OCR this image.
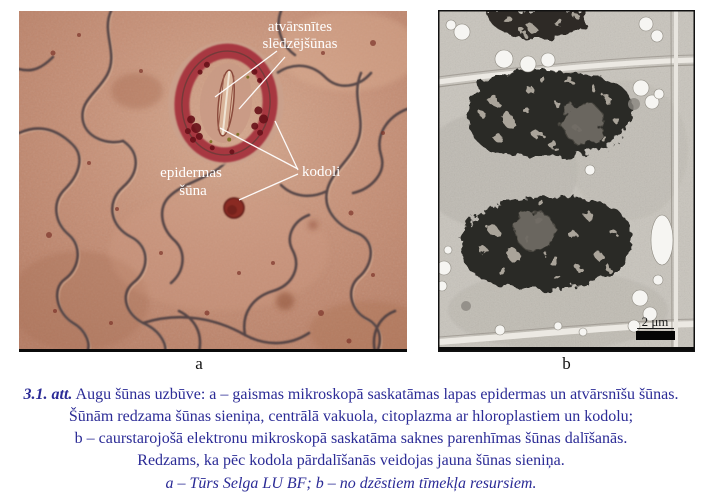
atvārsnītes
slēdzējšūnas
epidermas
šūna
kodoli
2 μm
a	b

3.1. att. Augu šūnas uzbūve: a – gaismas mikroskopā saskatāmas lapas epidermas un atvārsnīšu šūnas.

Šūnām redzama šūnas sieniņa, centrālā vakuola, citoplazma ar hloroplastiem un kodolu;

b – caurstarojošā elektronu mikroskopā saskatāma saknes parenhīmas šūnas dalīšanās.

Redzams, ka pēc kodola pārdalīšanās veidojas jauna šūnas sieniņa.

a – Tūrs Selga LU BF; b – no dzēstiem tīmekļa resursiem.
